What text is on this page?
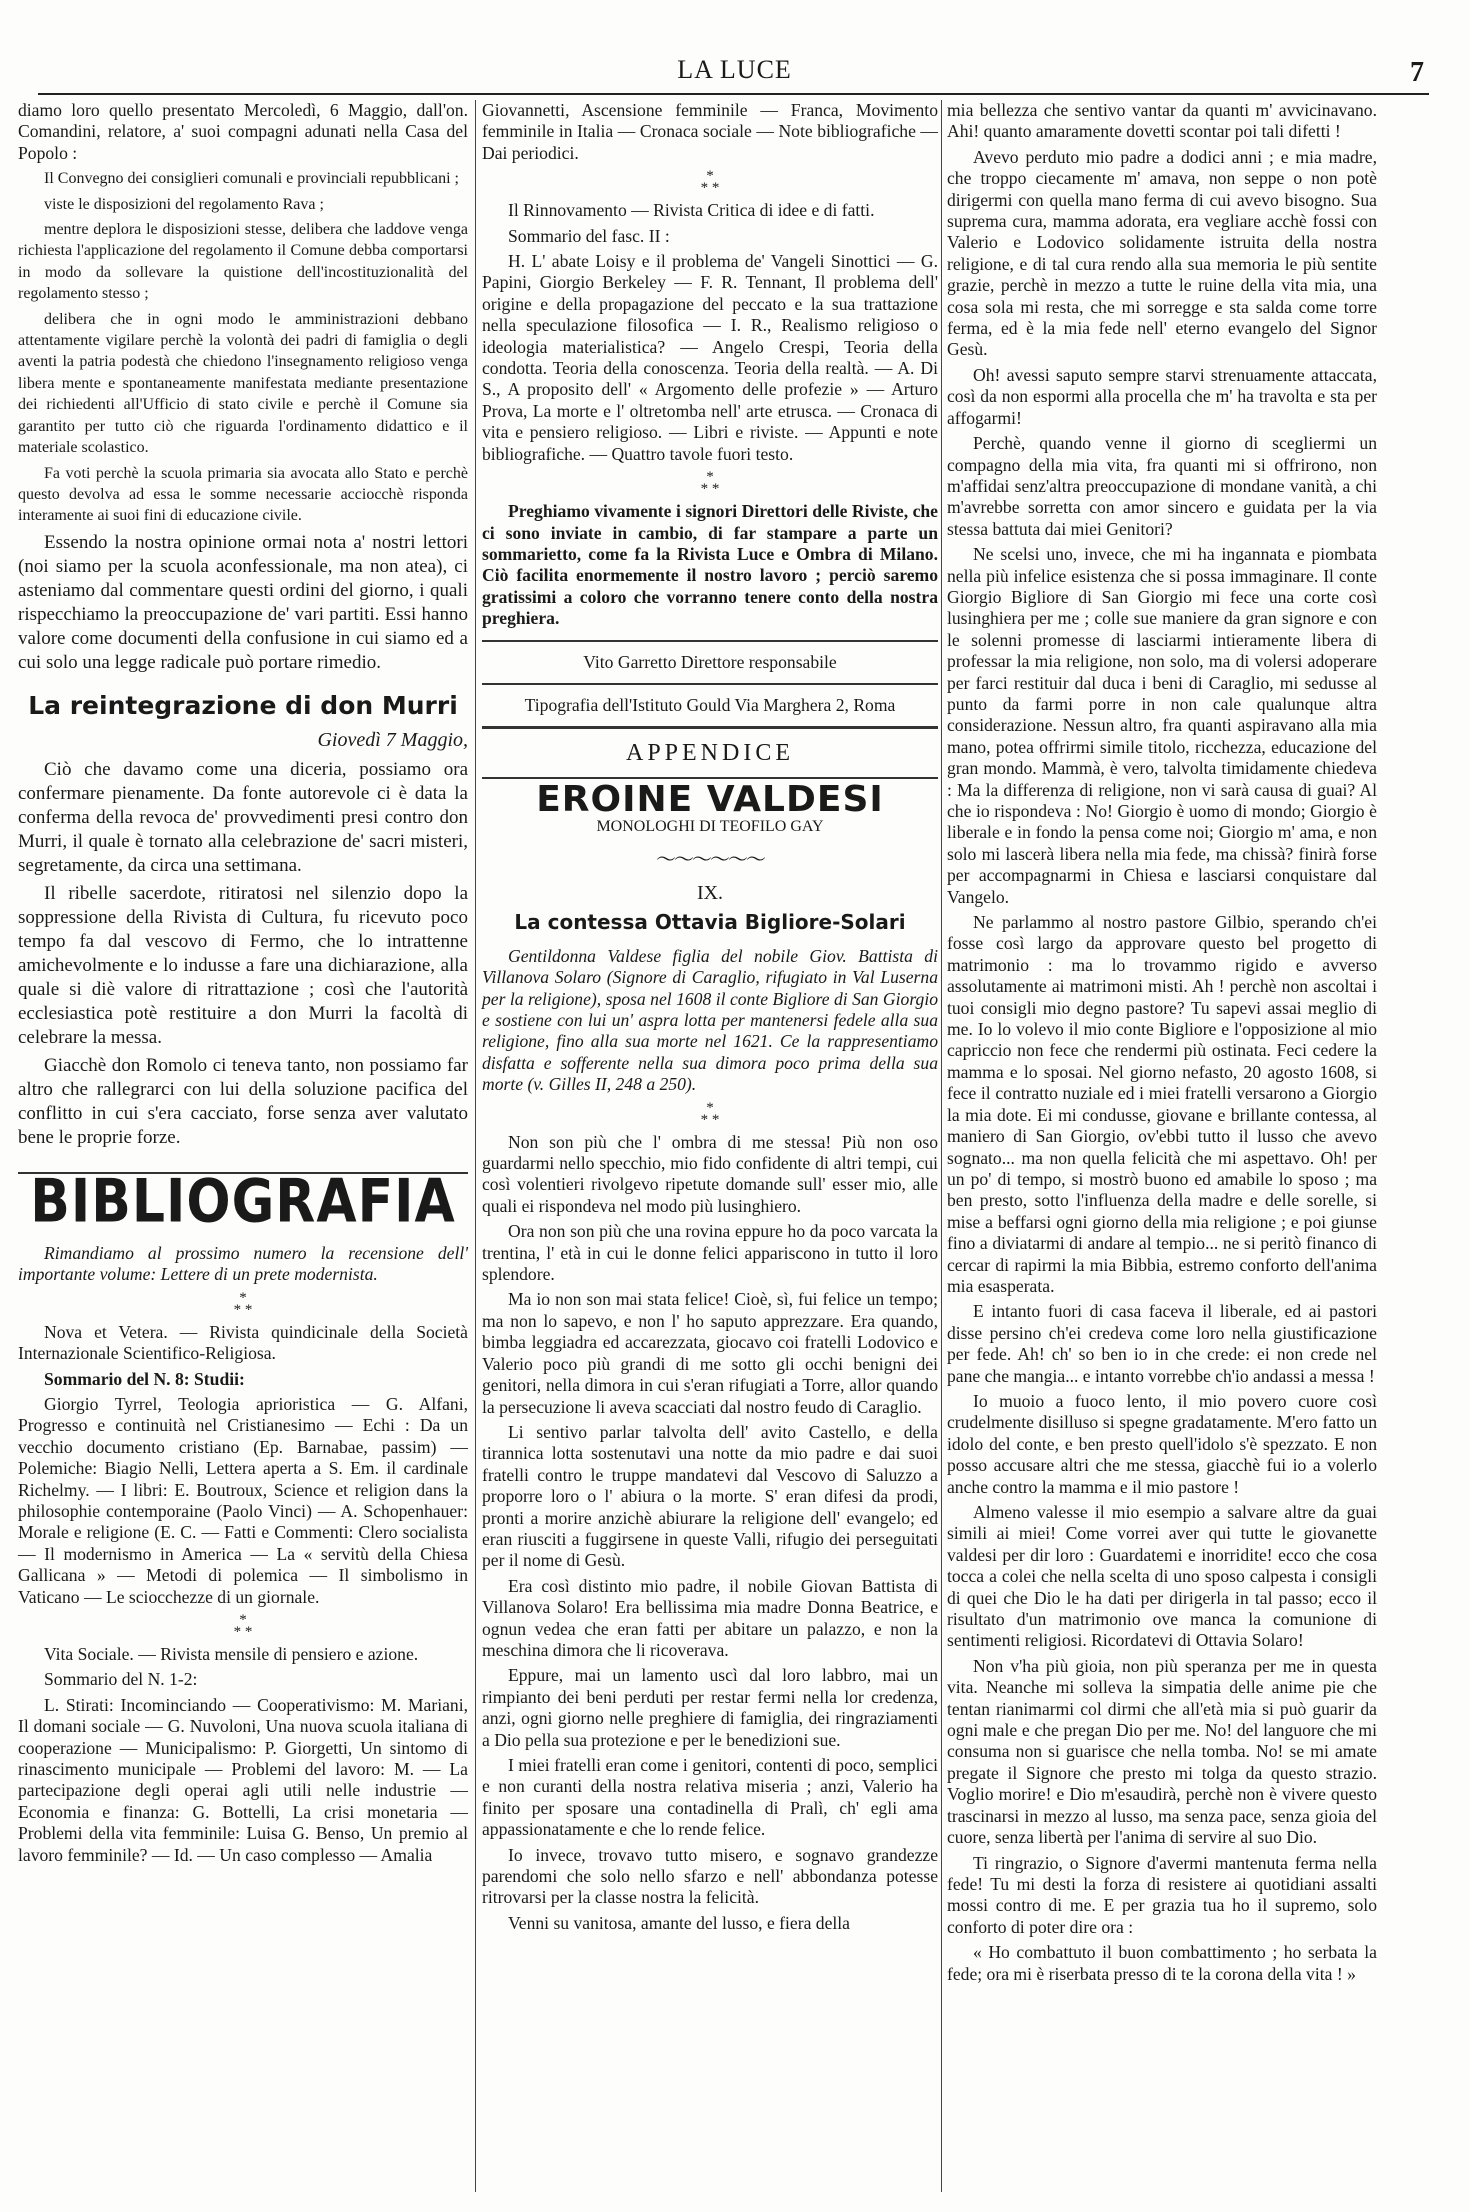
LA LUCE	7

diamo loro quello presentato Mercoledì, 6 Maggio, dall'on. Comandini, relatore, a' suoi compagni adunati nella Casa del Popolo :

Il Convegno dei consiglieri comunali e provinciali repubblicani ;

viste le disposizioni del regolamento Rava ;

mentre deplora le disposizioni stesse, delibera che laddove venga richiesta l'applicazione del regolamento il Comune debba comportarsi in modo da sollevare la quistione dell'incostituzionalità del regolamento stesso ;

delibera che in ogni modo le amministrazioni debbano attentamente vigilare perchè la volontà dei padri di famiglia o degli aventi la patria podestà che chiedono l'insegnamento religioso venga libera mente e spontaneamente manifestata mediante presentazione dei richiedenti all'Ufficio di stato civile e perchè il Comune sia garantito per tutto ciò che riguarda l'ordinamento didattico e il materiale scolastico.

Fa voti perchè la scuola primaria sia avocata allo Stato e perchè questo devolva ad essa le somme necessarie acciocchè risponda interamente ai suoi fini di educazione civile.

Essendo la nostra opinione ormai nota a' nostri lettori (noi siamo per la scuola aconfessionale, ma non atea), ci asteniamo dal commentare questi ordini del giorno, i quali rispecchiamo la preoccupazione de' vari partiti. Essi hanno valore come documenti della confusione in cui siamo ed a cui solo una legge radicale può portare rimedio.

La reintegrazione di don Murri
Giovedì 7 Maggio,

Ciò che davamo come una diceria, possiamo ora confermare pienamente. Da fonte autorevole ci è data la conferma della revoca de' provvedimenti presi contro don Murri, il quale è tornato alla celebrazione de' sacri misteri, segretamente, da circa una settimana.

Il ribelle sacerdote, ritiratosi nel silenzio dopo la soppressione della Rivista di Cultura, fu ricevuto poco tempo fa dal vescovo di Fermo, che lo intrattenne amichevolmente e lo indusse a fare una dichiarazione, alla quale si diè valore di ritrattazione ; così che l'autorità ecclesiastica potè restituire a don Murri la facoltà di celebrare la messa.

Giacchè don Romolo ci teneva tanto, non possiamo far altro che rallegrarci con lui della soluzione pacifica del conflitto in cui s'era cacciato, forse senza aver valutato bene le proprie forze.

BIBLIOGRAFIA

Rimandiamo al prossimo numero la recensione dell' importante volume: Lettere di un prete modernista.

*
* *

Nova et Vetera. — Rivista quindicinale della Società Internazionale Scientifico-Religiosa.

Sommario del N. 8: Studii:

Giorgio Tyrrel, Teologia aprioristica — G. Alfani, Progresso e continuità nel Cristianesimo — Echi : Da un vecchio documento cristiano (Ep. Barnabae, passim) — Polemiche: Biagio Nelli, Lettera aperta a S. Em. il cardinale Richelmy. — I libri: E. Boutroux, Science et religion dans la philosophie contemporaine (Paolo Vinci) — A. Schopenhauer: Morale e religione (E. C. — Fatti e Commenti: Clero socialista — Il modernismo in America — La « servitù della Chiesa Gallicana » — Metodi di polemica — Il simbolismo in Vaticano — Le sciocchezze di un giornale.

*
* *

Vita Sociale. — Rivista mensile di pensiero e azione.

Sommario del N. 1-2:

L. Stirati: Incominciando — Cooperativismo: M. Mariani, Il domani sociale — G. Nuvoloni, Una nuova scuola italiana di cooperazione — Municipalismo: P. Giorgetti, Un sintomo di rinascimento municipale — Problemi del lavoro: M. — La partecipazione degli operai agli utili nelle industrie — Economia e finanza: G. Bottelli, La crisi monetaria — Problemi della vita femminile: Luisa G. Benso, Un premio al lavoro femminile? — Id. — Un caso complesso — Amalia

Giovannetti, Ascensione femminile — Franca, Movimento femminile in Italia — Cronaca sociale — Note bibliografiche — Dai periodici.

*
* *

Il Rinnovamento — Rivista Critica di idee e di fatti.

Sommario del fasc. II :

H. L' abate Loisy e il problema de' Vangeli Sinottici — G. Papini, Giorgio Berkeley — F. R. Tennant, Il problema dell' origine e della propagazione del peccato e la sua trattazione nella speculazione filosofica — I. R., Realismo religioso o ideologia materialistica? — Angelo Crespi, Teoria della condotta. Teoria della conoscenza. Teoria della realtà. — A. Di S., A proposito dell' « Argomento delle profezie » — Arturo Prova, La morte e l' oltretomba nell' arte etrusca. — Cronaca di vita e pensiero religioso. — Libri e riviste. — Appunti e note bibliografiche. — Quattro tavole fuori testo.

*
* *

Preghiamo vivamente i signori Direttori delle Riviste, che ci sono inviate in cambio, di far stampare a parte un sommarietto, come fa la Rivista Luce e Ombra di Milano. Ciò facilita enormemente il nostro lavoro ; perciò saremo gratissimi a coloro che vorranno tenere conto della nostra preghiera.

Vito Garretto Direttore responsabile

Tipografia dell'Istituto Gould Via Marghera 2, Roma

APPENDICE
EROINE VALDESI
MONOLOGHI DI TEOFILO GAY
～～～～～～
IX.
La contessa Ottavia Bigliore-Solari

Gentildonna Valdese figlia del nobile Giov. Battista di Villanova Solaro (Signore di Caraglio, rifugiato in Val Luserna per la religione), sposa nel 1608 il conte Bigliore di San Giorgio e sostiene con lui un' aspra lotta per mantenersi fedele alla sua religione, fino alla sua morte nel 1621. Ce la rappresentiamo disfatta e sofferente nella sua dimora poco prima della sua morte (v. Gilles II, 248 a 250).

*
* *

Non son più che l' ombra di me stessa! Più non oso guardarmi nello specchio, mio fido confidente di altri tempi, cui così volentieri rivolgevo ripetute domande sull' esser mio, alle quali ei rispondeva nel modo più lusinghiero.

Ora non son più che una rovina eppure ho da poco varcata la trentina, l' età in cui le donne felici appariscono in tutto il loro splendore.

Ma io non son mai stata felice! Cioè, sì, fui felice un tempo; ma non lo sapevo, e non l' ho saputo apprezzare. Era quando, bimba leggiadra ed accarezzata, giocavo coi fratelli Lodovico e Valerio poco più grandi di me sotto gli occhi benigni dei genitori, nella dimora in cui s'eran rifugiati a Torre, allor quando la persecuzione li aveva scacciati dal nostro feudo di Caraglio.

Li sentivo parlar talvolta dell' avito Castello, e della tirannica lotta sostenutavi una notte da mio padre e dai suoi fratelli contro le truppe mandatevi dal Vescovo di Saluzzo a proporre loro o l' abiura o la morte. S' eran difesi da prodi, pronti a morire anzichè abiurare la religione dell' evangelo; ed eran riusciti a fuggirsene in queste Valli, rifugio dei perseguitati per il nome di Gesù.

Era così distinto mio padre, il nobile Giovan Battista di Villanova Solaro! Era bellissima mia madre Donna Beatrice, e ognun vedea che eran fatti per abitare un palazzo, e non la meschina dimora che li ricoverava.

Eppure, mai un lamento uscì dal loro labbro, mai un rimpianto dei beni perduti per restar fermi nella lor credenza, anzi, ogni giorno nelle preghiere di famiglia, dei ringraziamenti a Dio pella sua protezione e per le benedizioni sue.

I miei fratelli eran come i genitori, contenti di poco, semplici e non curanti della nostra relativa miseria ; anzi, Valerio ha finito per sposare una contadinella di Pralì, ch' egli ama appassionatamente e che lo rende felice.

Io invece, trovavo tutto misero, e sognavo grandezze parendomi che solo nello sfarzo e nell' abbondanza potesse ritrovarsi per la classe nostra la felicità.

Venni su vanitosa, amante del lusso, e fiera della

mia bellezza che sentivo vantar da quanti m' avvicinavano. Ahi! quanto amaramente dovetti scontar poi tali difetti !

Avevo perduto mio padre a dodici anni ; e mia madre, che troppo ciecamente m' amava, non seppe o non potè dirigermi con quella mano ferma di cui avevo bisogno. Sua suprema cura, mamma adorata, era vegliare acchè fossi con Valerio e Lodovico solidamente istruita della nostra religione, e di tal cura rendo alla sua memoria le più sentite grazie, perchè in mezzo a tutte le ruine della vita mia, una cosa sola mi resta, che mi sorregge e sta salda come torre ferma, ed è la mia fede nell' eterno evangelo del Signor Gesù.

Oh! avessi saputo sempre starvi strenuamente attaccata, così da non espormi alla procella che m' ha travolta e sta per affogarmi!

Perchè, quando venne il giorno di scegliermi un compagno della mia vita, fra quanti mi si offrirono, non m'affidai senz'altra preoccupazione di mondane vanità, a chi m'avrebbe sorretta con amor sincero e guidata per la via stessa battuta dai miei Genitori?

Ne scelsi uno, invece, che mi ha ingannata e piombata nella più infelice esistenza che si possa immaginare. Il conte Giorgio Bigliore di San Giorgio mi fece una corte così lusinghiera per me ; colle sue maniere da gran signore e con le solenni promesse di lasciarmi intieramente libera di professar la mia religione, non solo, ma di volersi adoperare per farci restituir dal duca i beni di Caraglio, mi sedusse al punto da farmi porre in non cale qualunque altra considerazione. Nessun altro, fra quanti aspiravano alla mia mano, potea offrirmi simile titolo, ricchezza, educazione del gran mondo. Mammà, è vero, talvolta timidamente chiedeva : Ma la differenza di religione, non vi sarà causa di guai? Al che io rispondeva : No! Giorgio è uomo di mondo; Giorgio è liberale e in fondo la pensa come noi; Giorgio m' ama, e non solo mi lascerà libera nella mia fede, ma chissà? finirà forse per accompagnarmi in Chiesa e lasciarsi conquistare dal Vangelo.

Ne parlammo al nostro pastore Gilbio, sperando ch'ei fosse così largo da approvare questo bel progetto di matrimonio : ma lo trovammo rigido e avverso assolutamente ai matrimoni misti. Ah ! perchè non ascoltai i tuoi consigli mio degno pastore? Tu sapevi assai meglio di me. Io lo volevo il mio conte Bigliore e l'opposizione al mio capriccio non fece che rendermi più ostinata. Feci cedere la mamma e lo sposai. Nel giorno nefasto, 20 agosto 1608, si fece il contratto nuziale ed i miei fratelli versarono a Giorgio la mia dote. Ei mi condusse, giovane e brillante contessa, al maniero di San Giorgio, ov'ebbi tutto il lusso che avevo sognato... ma non quella felicità che mi aspettavo. Oh! per un po' di tempo, si mostrò buono ed amabile lo sposo ; ma ben presto, sotto l'influenza della madre e delle sorelle, si mise a beffarsi ogni giorno della mia religione ; e poi giunse fino a diviatarmi di andare al tempio... ne si peritò financo di cercar di rapirmi la mia Bibbia, estremo conforto dell'anima mia esasperata.

E intanto fuori di casa faceva il liberale, ed ai pastori disse persino ch'ei credeva come loro nella giustificazione per fede. Ah! ch' so ben io in che crede: ei non crede nel pane che mangia... e intanto vorrebbe ch'io andassi a messa !

Io muoio a fuoco lento, il mio povero cuore così crudelmente disilluso si spegne gradatamente. M'ero fatto un idolo del conte, e ben presto quell'idolo s'è spezzato. E non posso accusare altri che me stessa, giacchè fui io a volerlo anche contro la mamma e il mio pastore !

Almeno valesse il mio esempio a salvare altre da guai simili ai miei! Come vorrei aver qui tutte le giovanette valdesi per dir loro : Guardatemi e inorridite! ecco che cosa tocca a colei che nella scelta di uno sposo calpesta i consigli di quei che Dio le ha dati per dirigerla in tal passo; ecco il risultato d'un matrimonio ove manca la comunione di sentimenti religiosi. Ricordatevi di Ottavia Solaro!

Non v'ha più gioia, non più speranza per me in questa vita. Neanche mi solleva la simpatia delle anime pie che tentan rianimarmi col dirmi che all'età mia si può guarir da ogni male e che pregan Dio per me. No! del languore che mi consuma non si guarisce che nella tomba. No! se mi amate pregate il Signore che presto mi tolga da questo strazio. Voglio morire! e Dio m'esaudirà, perchè non è vivere questo trascinarsi in mezzo al lusso, ma senza pace, senza gioia del cuore, senza libertà per l'anima di servire al suo Dio.

Ti ringrazio, o Signore d'avermi mantenuta ferma nella fede! Tu mi desti la forza di resistere ai quotidiani assalti mossi contro di me. E per grazia tua ho il supremo, solo conforto di poter dire ora :

« Ho combattuto il buon combattimento ; ho serbata la fede; ora mi è riserbata presso di te la corona della vita ! »
